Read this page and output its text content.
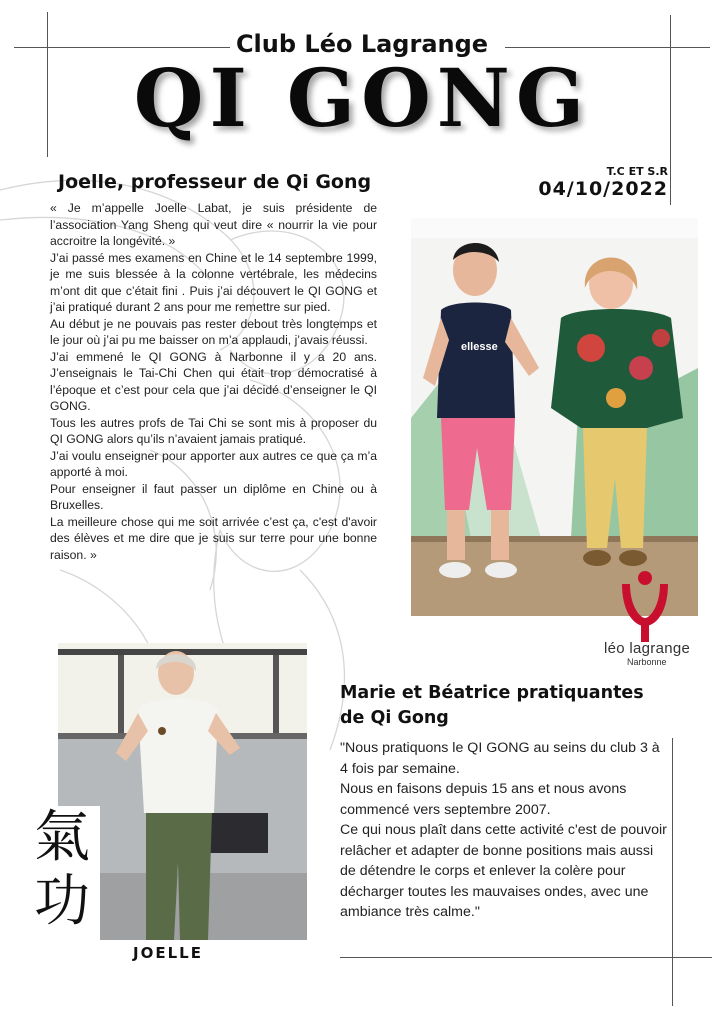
Club Léo Lagrange
QI GONG
T.C ET S.R
04/10/2022
Joelle, professeur de Qi Gong

« Je m’appelle Joelle Labat, je suis présidente de l’association Yang Sheng qui veut dire « nourrir la vie pour accroitre la longévité. »

J’ai passé mes examens en Chine et le 14 septembre 1999, je me suis blessée à la colonne vertébrale, les médecins m’ont dit que c’était fini . Puis j’ai découvert le QI GONG et j’ai pratiqué durant 2 ans pour me remettre sur pied.

Au début je ne pouvais pas rester debout très longtemps et le jour où j’ai pu me baisser on m’a applaudi, j’avais réussi.

J’ai emmené le QI GONG à Narbonne il y a 20 ans. J’enseignais le Tai-Chi Chen qui était trop démocratisé à l’époque et c’est pour cela que j’ai décidé d’enseigner le QI GONG.

Tous les autres profs de Tai Chi se sont mis à proposer du QI GONG alors qu’ils n’avaient jamais pratiqué.

J’ai voulu enseigner pour apporter aux autres ce que ça m’a apporté à moi.

Pour enseigner il faut passer un diplôme en Chine ou à Bruxelles.

La meilleure chose qui me soit arrivée c’est ça, c'est d'avoir des élèves et me dire que je suis sur terre pour une bonne raison. »

ellesse
léo lagrange
Narbonne
氣
功
JOELLE
Marie et Béatrice pratiquantes de Qi Gong

"Nous pratiquons le QI GONG au seins du club 3 à 4 fois par semaine.

Nous en faisons depuis 15 ans et nous avons commencé vers septembre 2007.

Ce qui nous plaît dans cette activité c'est de pouvoir relâcher et adapter de bonne positions mais aussi de détendre le corps et enlever la colère pour décharger toutes les mauvaises ondes, avec une ambiance très calme."
